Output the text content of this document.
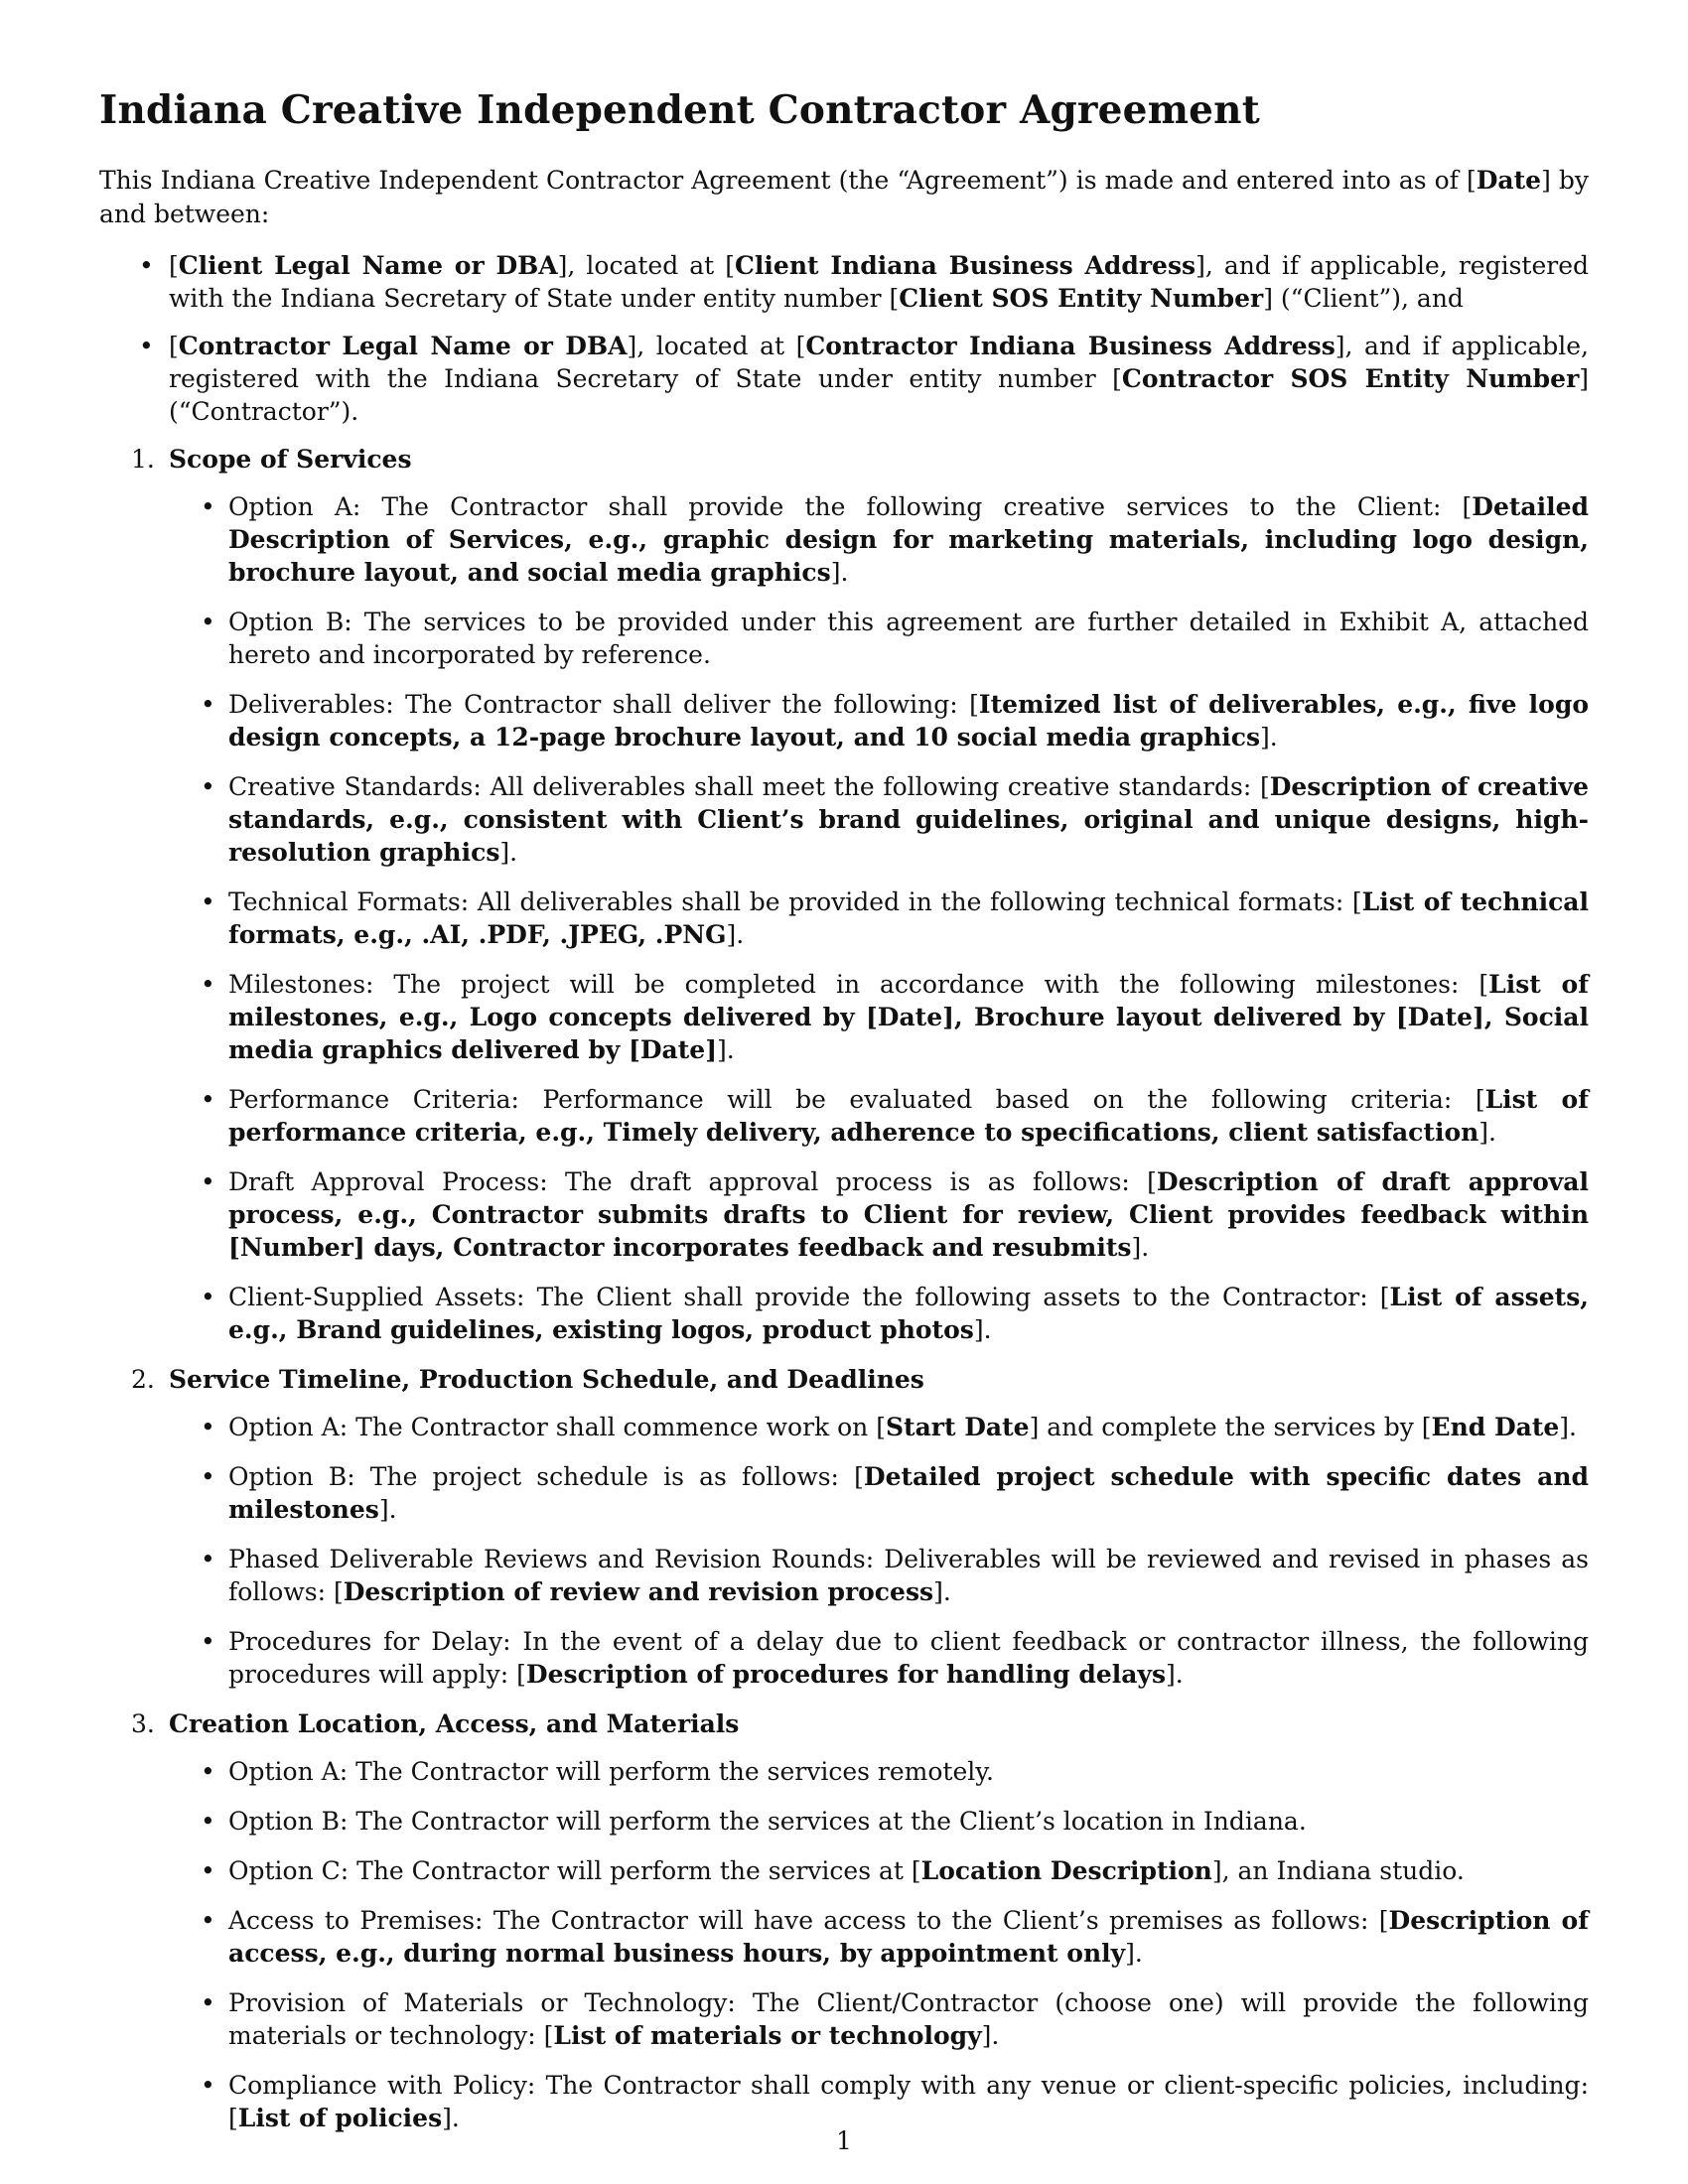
Indiana Creative Independent Contractor Agreement

This Indiana Creative Independent Contractor Agreement (the “Agreement”) is made and entered into as of [Date] by and between:

• [Client Legal Name or DBA], located at [Client Indiana Business Address], and if applicable, registered with the Indiana Secretary of State under entity number [Client SOS Entity Number] (“Client”), and
• [Contractor Legal Name or DBA], located at [Contractor Indiana Business Address], and if applicable, registered with the Indiana Secretary of State under entity number [Contractor SOS Entity Number] (“Contractor”).
1. Scope of Services
• Option A: The Contractor shall provide the following creative services to the Client: [Detailed Description of Services, e.g., graphic design for marketing materials, including logo design, brochure layout, and social media graphics].
• Option B: The services to be provided under this agreement are further detailed in Exhibit A, attached hereto and incorporated by reference.
• Deliverables: The Contractor shall deliver the following: [Itemized list of deliverables, e.g., five logo design concepts, a 12-page brochure layout, and 10 social media graphics].
• Creative Standards: All deliverables shall meet the following creative standards: [Description of creative standards, e.g., consistent with Client’s brand guidelines, original and unique designs, high-resolution graphics].
• Technical Formats: All deliverables shall be provided in the following technical formats: [List of technical formats, e.g., .AI, .PDF, .JPEG, .PNG].
• Milestones: The project will be completed in accordance with the following milestones: [List of milestones, e.g., Logo concepts delivered by [Date], Brochure layout delivered by [Date], Social media graphics delivered by [Date]].
• Performance Criteria: Performance will be evaluated based on the following criteria: [List of performance criteria, e.g., Timely delivery, adherence to specifications, client satisfaction].
• Draft Approval Process: The draft approval process is as follows: [Description of draft approval process, e.g., Contractor submits drafts to Client for review, Client provides feedback within [Number] days, Contractor incorporates feedback and resubmits].
• Client-Supplied Assets: The Client shall provide the following assets to the Contractor: [List of assets, e.g., Brand guidelines, existing logos, product photos].
2. Service Timeline, Production Schedule, and Deadlines
• Option A: The Contractor shall commence work on [Start Date] and complete the services by [End Date].
• Option B: The project schedule is as follows: [Detailed project schedule with specific dates and milestones].
• Phased Deliverable Reviews and Revision Rounds: Deliverables will be reviewed and revised in phases as follows: [Description of review and revision process].
• Procedures for Delay: In the event of a delay due to client feedback or contractor illness, the following procedures will apply: [Description of procedures for handling delays].
3. Creation Location, Access, and Materials
• Option A: The Contractor will perform the services remotely.
• Option B: The Contractor will perform the services at the Client’s location in Indiana.
• Option C: The Contractor will perform the services at [Location Description], an Indiana studio.
• Access to Premises: The Contractor will have access to the Client’s premises as follows: [Description of access, e.g., during normal business hours, by appointment only].
• Provision of Materials or Technology: The Client/Contractor (choose one) will provide the following materials or technology: [List of materials or technology].
• Compliance with Policy: The Contractor shall comply with any venue or client-specific policies, including: [List of policies].
1
